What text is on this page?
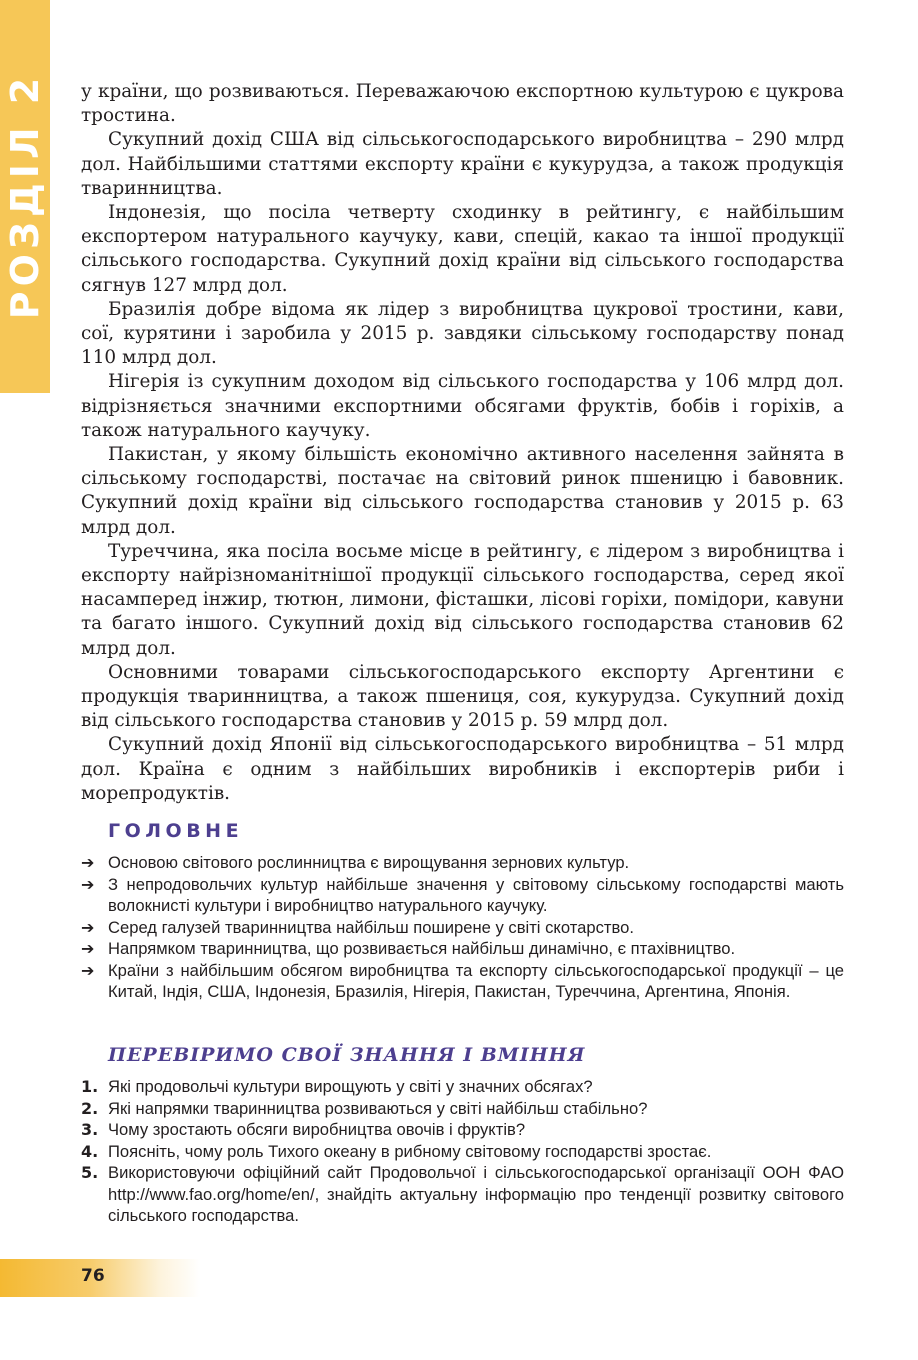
РОЗДІЛ 2 у країни, що розвиваються. Переважаючою експортною культурою є цукрова тростина.

Сукупний дохід США від сільськогосподарського виробництва – 290 млрд дол. Найбільшими статтями експорту країни є кукурудза, а також продукція тваринництва.

Індонезія, що посіла четверту сходинку в рейтингу, є найбільшим експортером натурального каучуку, кави, спецій, какао та іншої продукції сільського господарства. Сукупний дохід країни від сільського господарства сягнув 127 млрд дол.

Бразилія добре відома як лідер з виробництва цукрової тростини, кави, сої, курятини і заробила у 2015 р. завдяки сільському господарству понад 110 млрд дол.

Нігерія із сукупним доходом від сільського господарства у 106 млрд дол. відрізняється значними експортними обсягами фруктів, бобів і горіхів, а також натурального каучуку.

Пакистан, у якому більшість економічно активного населення зайнята в сільському господарстві, постачає на світовий ринок пшеницю і бавовник. Сукупний дохід країни від сільського господарства становив у 2015 р. 63 млрд дол.

Туреччина, яка посіла восьме місце в рейтингу, є лідером з виробництва і експорту найрізноманітнішої продукції сільського господарства, серед якої насамперед інжир, тютюн, лимони, фісташки, лісові горіхи, помідори, кавуни та багато іншого. Сукупний дохід від сільського господарства становив 62 млрд дол.

Основними товарами сільськогосподарського експорту Аргентини є продукція тваринництва, а також пшениця, соя, кукурудза. Сукупний дохід від сільського господарства становив у 2015 р. 59 млрд дол.

Сукупний дохід Японії від сільськогосподарського виробництва – 51 млрд дол. Країна є одним з найбільших виробників і експортерів риби і морепродуктів.

ГОЛОВНЕ
➔ Основою світового рослинництва є вирощування зернових культур.
➔ З непродовольчих культур найбільше значення у світовому сільському господарстві мають волокнисті культури і виробництво натурального каучуку.
➔ Серед галузей тваринництва найбільш поширене у світі скотарство.
➔ Напрямком тваринництва, що розвивається найбільш динамічно, є птахівництво.
➔ Країни з найбільшим обсягом виробництва та експорту сільськогосподарської продукції – це Китай, Індія, США, Індонезія, Бразилія, Нігерія, Пакистан, Туреччина, Аргентина, Японія.
ПЕРЕВІРИМО СВОЇ ЗНАННЯ І ВМІННЯ
1. Які продовольчі культури вирощують у світі у значних обсягах?
2. Які напрямки тваринництва розвиваються у світі найбільш стабільно?
3. Чому зростають обсяги виробництва овочів і фруктів?
4. Поясніть, чому роль Тихого океану в рибному світовому господарстві зростає.
5. Використовуючи офіційний сайт Продовольчої і сільськогосподарської організації ООН ФАО http://www.fao.org/home/en/, знайдіть актуальну інформацію про тенденції розвитку світового сільського господарства.
76
